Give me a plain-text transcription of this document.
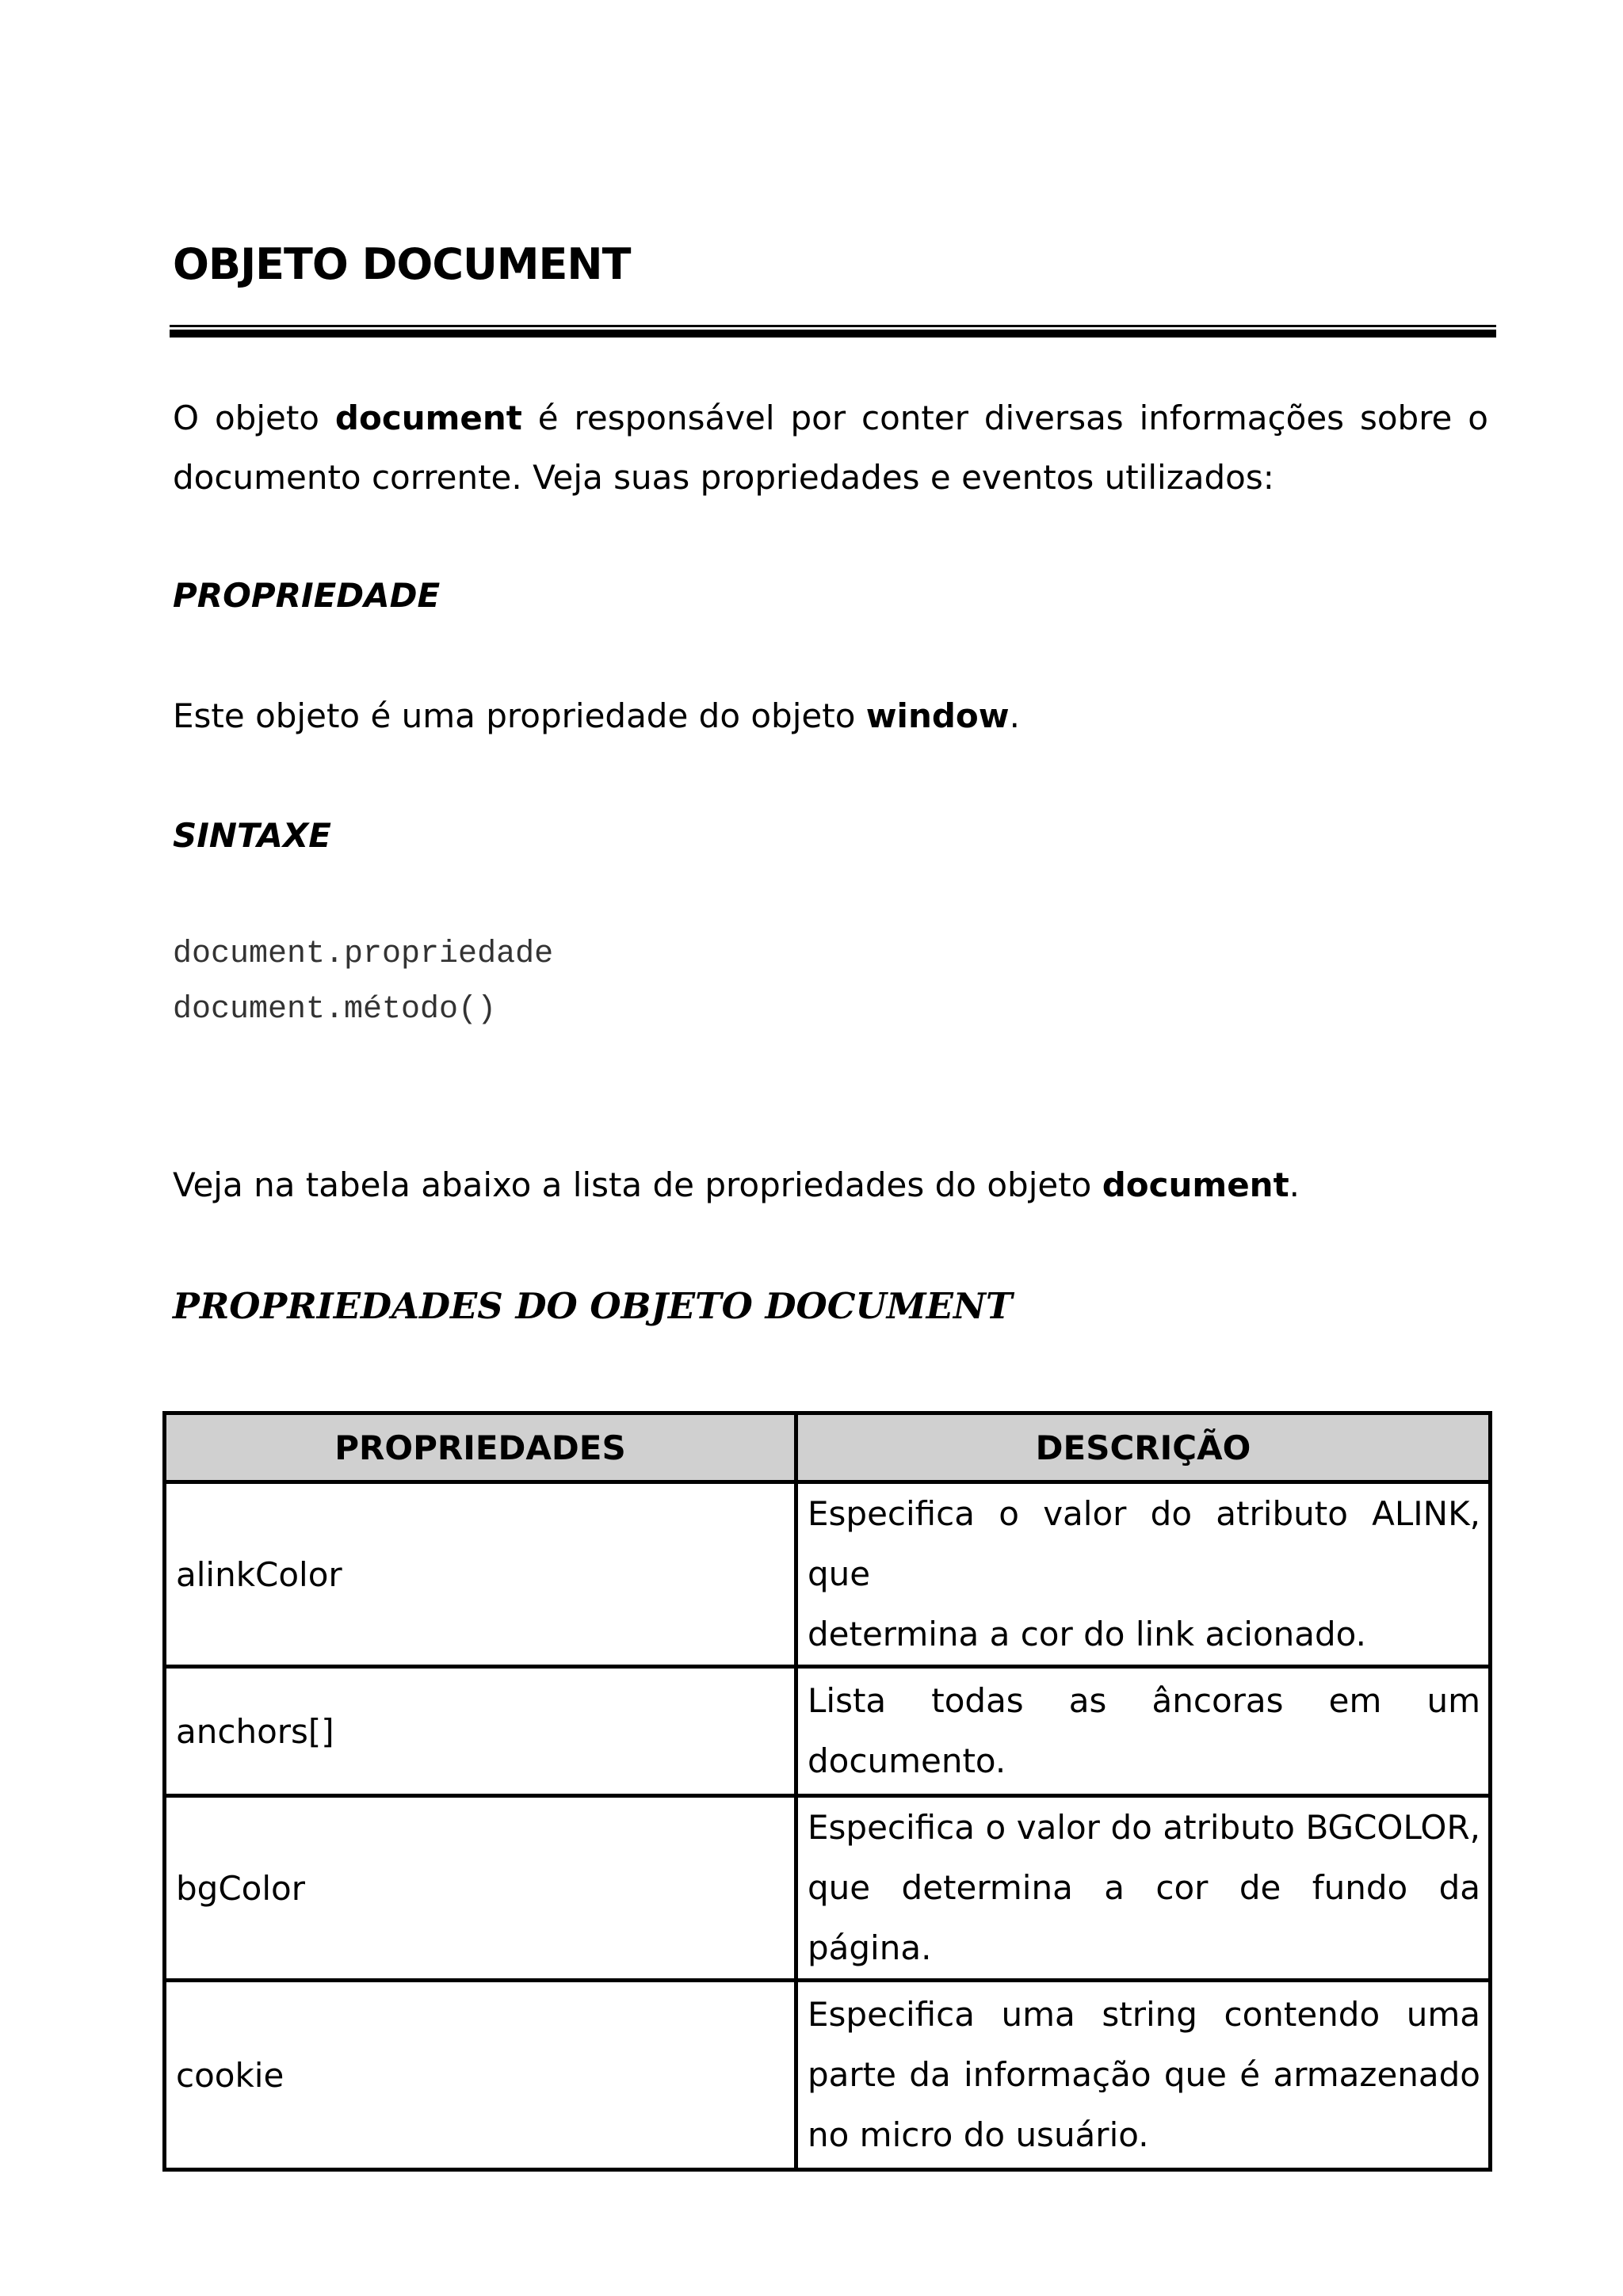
OBJETO DOCUMENT

O objeto document é responsável por conter diversas informações sobre o

documento corrente. Veja suas propriedades e eventos utilizados:

PROPRIEDADE

Este objeto é uma propriedade do objeto window.

SINTAXE

document.propriedade

document.método()

Veja na tabela abaixo a lista de propriedades do objeto document.

PROPRIEDADES DO OBJETO DOCUMENT
PROPRIEDADES	DESCRIÇÃO
alinkColor	Especifica o valor do atributo ALINK, que
determina a cor do link acionado.
anchors[]	Lista todas as âncoras em um
documento.
bgColor	Especifica o valor do atributo BGCOLOR,
que determina a cor de fundo da página.
cookie	Especifica uma string contendo uma
parte da informação que é armazenado
no micro do usuário.
